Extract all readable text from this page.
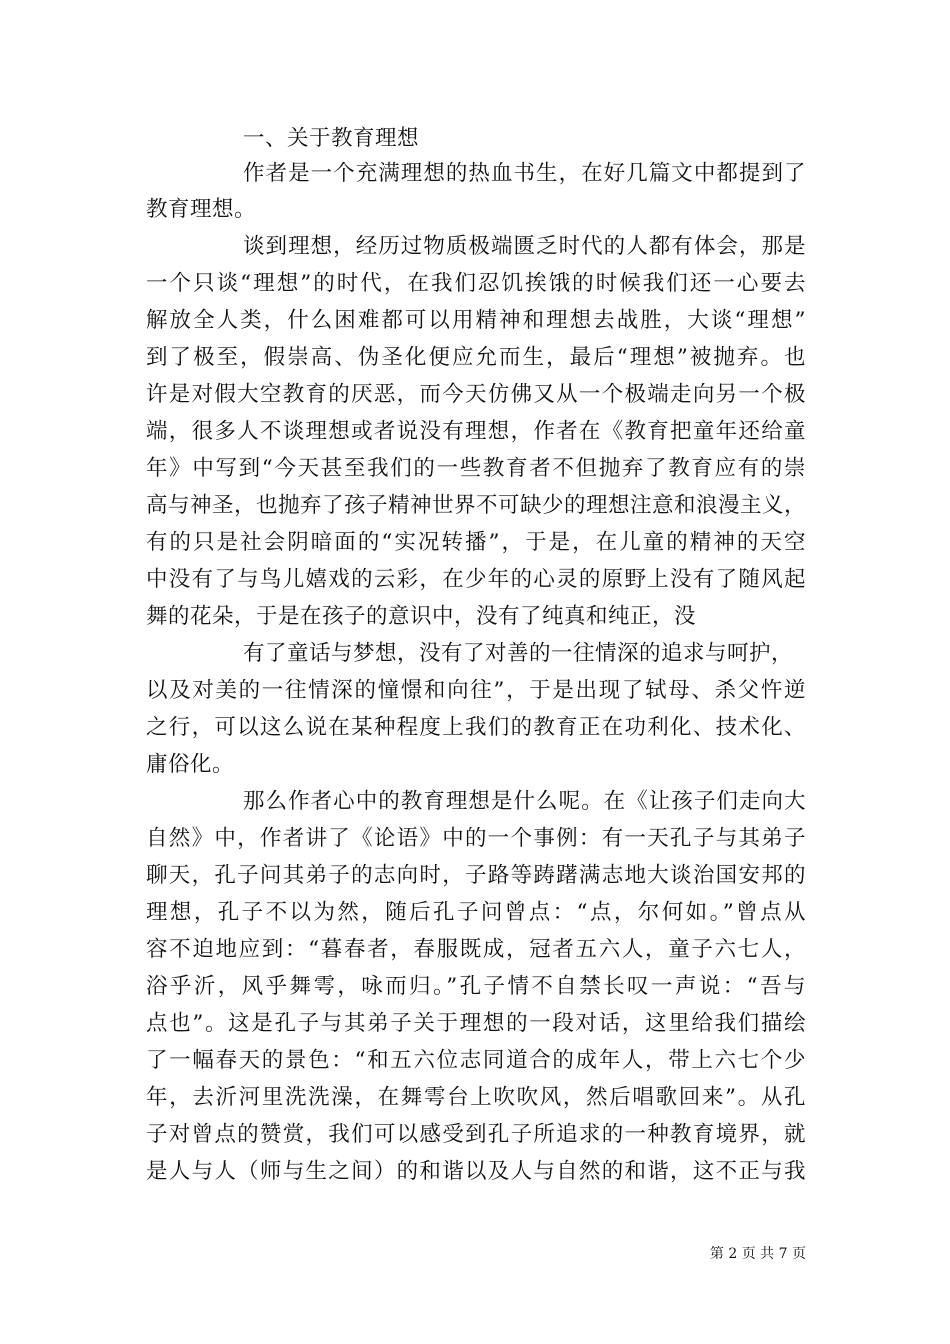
一、关于教育理想
作者是一个充满理想的热血书生，在好几篇文中都提到了
教育理想。
谈到理想，经历过物质极端匮乏时代的人都有体会，那是
一个只谈“理想”的时代，在我们忍饥挨饿的时候我们还一心要去
解放全人类，什么困难都可以用精神和理想去战胜，大谈“理想”
到了极至，假崇高、伪圣化便应允而生，最后“理想”被抛弃。也
许是对假大空教育的厌恶，而今天仿佛又从一个极端走向另一个极
端，很多人不谈理想或者说没有理想，作者在《教育把童年还给童
年》中写到“今天甚至我们的一些教育者不但抛弃了教育应有的崇
高与神圣，也抛弃了孩子精神世界不可缺少的理想注意和浪漫主义，
有的只是社会阴暗面的“实况转播”，于是，在儿童的精神的天空
中没有了与鸟儿嬉戏的云彩，在少年的心灵的原野上没有了随风起
舞的花朵，于是在孩子的意识中，没有了纯真和纯正，没
有了童话与梦想，没有了对善的一往情深的追求与呵护，
以及对美的一往情深的憧憬和向往”，于是出现了轼母、杀父忤逆
之行，可以这么说在某种程度上我们的教育正在功利化、技术化、
庸俗化。
那么作者心中的教育理想是什么呢。在《让孩子们走向大
自然》中，作者讲了《论语》中的一个事例：有一天孔子与其弟子
聊天，孔子问其弟子的志向时，子路等踌躇满志地大谈治国安邦的
理想，孔子不以为然，随后孔子问曾点：“点，尔何如。”曾点从
容不迫地应到：“暮春者，春服既成，冠者五六人，童子六七人，
浴乎沂，风乎舞雩，咏而归。”孔子情不自禁长叹一声说：“吾与
点也”。这是孔子与其弟子关于理想的一段对话，这里给我们描绘
了一幅春天的景色：“和五六位志同道合的成年人，带上六七个少
年，去沂河里洗洗澡，在舞雩台上吹吹风，然后唱歌回来”。从孔
子对曾点的赞赏，我们可以感受到孔子所追求的一种教育境界，就
是人与人（师与生之间）的和谐以及人与自然的和谐，这不正与我
第 2 页 共 7 页
